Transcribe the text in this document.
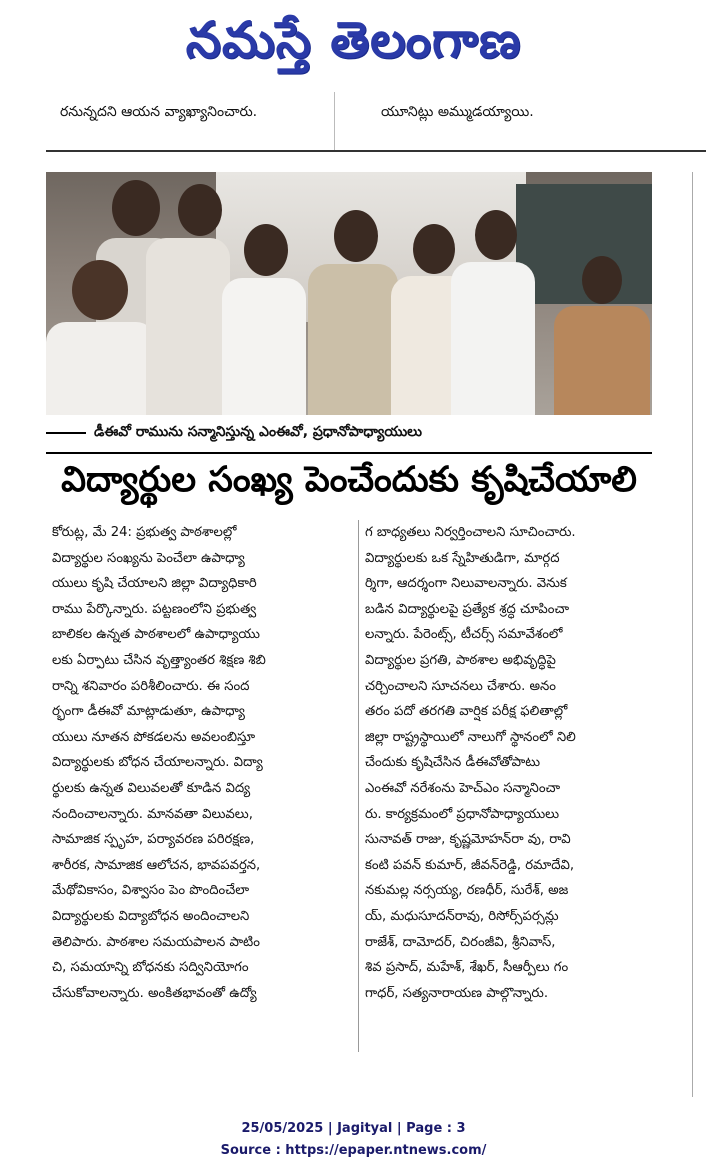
నమస్తే తెలంగాణ
రనున్నదని ఆయన వ్యాఖ్యానించారు.	యూనిట్లు అమ్ముడయ్యాయి.
డీఈవో రామును సన్మానిస్తున్న ఎంఈవో, ప్రధానోపాధ్యాయులు
విద్యార్థుల సంఖ్య పెంచేందుకు కృషిచేయాలి
కోరుట్ల, మే 24: ప్రభుత్వ పాఠశాలల్లో
విద్యార్థుల సంఖ్యను పెంచేలా ఉపాధ్యా
యులు కృషి చేయాలని జిల్లా విద్యాధికారి
రాము పేర్కొన్నారు. పట్టణంలోని ప్రభుత్వ
బాలికల ఉన్నత పాఠశాలలో ఉపాధ్యాయు
లకు ఏర్పాటు చేసిన వృత్త్యాంతర శిక్షణ శిబి
రాన్ని శనివారం పరిశీలించారు. ఈ సంద
ర్భంగా డీఈవో మాట్లాడుతూ, ఉపాధ్యా
యులు నూతన పోకడలను అవలంబిస్తూ
విద్యార్థులకు బోధన చేయాలన్నారు. విద్యా
ర్థులకు ఉన్నత విలువలతో కూడిన విద్య
నందించాలన్నారు. మానవతా విలువలు,
సామాజిక స్పృహ, పర్యావరణ పరిరక్షణ,
శారీరక, సామాజిక ఆలోచన, భావపవర్తన,
మేథోవికాసం, విశ్వాసం పెం పొందించేలా
విద్యార్థులకు విద్యాబోధన అందించాలని
తెలిపారు. పాఠశాల సమయపాలన పాటిం
చి, సమయాన్ని బోధనకు సద్వినియోగం
చేసుకోవాలన్నారు. అంకితభావంతో ఉద్యో
గ బాధ్యతలు నిర్వర్తించాలని సూచించారు.
విద్యార్థులకు ఒక స్నేహితుడిగా, మార్గద
ర్శిగా, ఆదర్శంగా నిలువాలన్నారు. వెనుక
బడిన విద్యార్థులపై ప్రత్యేక శ్రద్ధ చూపించా
లన్నారు. పేరెంట్స్‌, టీచర్స్‌ సమావేశంలో
విద్యార్థుల ప్రగతి, పాఠశాల అభివృద్ధిపై
చర్చించాలని సూచనలు చేశారు. అనం
తరం పదో తరగతి వార్షిక పరీక్ష ఫలితాల్లో
జిల్లా రాష్ట్రస్థాయిలో నాలుగో స్థానంలో నిలి
చేందుకు కృషిచేసిన డీఈవోతోపాటు
ఎంఈవో నరేశంను హెచ్‌ఎం సన్మానించా
రు. కార్యక్రమంలో ప్రధానోపాధ్యాయులు
సునావత్‌ రాజు, కృష్ణమోహన్‌రా వు, రావి
కంటి పవన్‌ కుమార్‌, జీవన్‌రెడ్డి, రమాదేవి,
నకుమల్ల నర్సయ్య, రణధీర్‌, సురేశ్‌, అజ
య్‌, మధుసూదన్‌రావు, రిసోర్స్‌పర్సన్లు
రాజేశ్‌, దామోదర్‌, చిరంజీవి, శ్రీనివాస్‌,
శివ ప్రసాద్‌, మహేశ్‌, శేఖర్‌, సీఆర్పీలు గం
గాధర్‌, సత్యనారాయణ పాల్గొన్నారు.
25/05/2025 | Jagityal | Page : 3
Source : https://epaper.ntnews.com/
